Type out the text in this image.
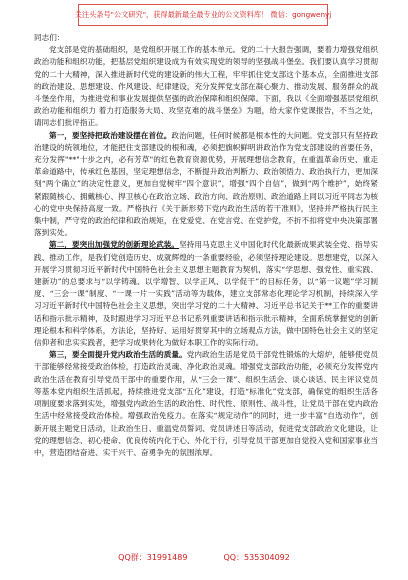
关注头条号"公文研究"，获得最新最全最专业的公文资料库！ 微信：gongwenyj

同志们：

党支部是党的基础组织，是党组织开展工作的基本单元。党的二十大报告强调，要着力增强党组织政治功能和组织功能，把基层党组织建设成为有效实现党的领导的坚强战斗堡垒。我们要认真学习贯彻党的二十大精神，深入推进新时代党的建设新的伟大工程，牢牢抓住党支部这个基本点，全面推进支部的政治建设、思想建设、作风建设、纪律建设，充分发挥党支部在凝心聚力、推动发展、服务群众的战斗堡垒作用，为推进党和事业发展提供坚强的政治保障和组织保障。下面，我以《全面增强基层党组织政治功能和组织力 着力打造服务大局、攻坚克难的战斗堡垒》为题，给大家作党课报告，不当之处，请同志们批评指正。

第一，要坚持把政治建设摆在首位。政治问题，任何时候都是根本性的大问题。党支部只有坚持政治建设的统领地位，才能把住支部建设的根和魂，必须把旗帜鲜明讲政治作为党支部建设的首要任务，充分发挥"**"十步之内，必有芳草"的红色教育资源优势，开展理想信念教育，在重温革命历史、重走革命道路中，传承红色基因，坚定理想信念，不断提升政治判断力、政治领悟力、政治执行力，更加深刻“两个确立”的决定性意义，更加自觉树牢“四个意识”，增强“四个自信”，做到“两个维护”，始终紧紧跟随核心、拥戴核心、捍卫核心在政治立场、政治方向、政治原则、政治道路上同以习近平同志为核心的党中央保持高度一致。严格执行《关于新形势下党内政治生活的若干准则》，坚持并严格执行民主集中制，严守党的政治纪律和政治规矩，在党爱党、在党言党、在党护党，不折不扣将党中央决策部署落到实处。

第二，要突出加强党的创新理论武装。坚持用马克思主义中国化时代化最新成果武装全党、指导实践、推动工作，是我们党创造历史、成就辉煌的一条重要经验，必须坚持理论建设。思想建党，以深入开展学习贯彻习近平新时代中国特色社会主义思想主题教育为契机，落实“学思想、强党性、重实践、建新功”的总要求与“以学铸魂、以学增智、以学正风、以学促干”的目标任务，以“第一议题”学习制度、“三会一课”制度、“一课一片一实践”活动等为载体，建立支部常态化理论学习机制，持续深入学习习近平新时代中国特色社会主义思想，突出学习党的二十大精神、习近平总书记关于**工作的重要讲话和指示批示精神，及时跟进学习习近平总书记系列重要讲话和指示批示精神，全面系统掌握党的创新理论根本和科学体系，方法论，坚持好、运用好贯穿其中的立场观点方法，做中国特色社会主义的坚定信仰者和忠实实践者，把学习成果转化为做好本职工作的实际行动。

第三，要全面提升党内政治生活的质量。党内政治生活是党员干部党性锻炼的大熔炉，能够使党员干部能够经常接受政治体检，打造政治灵魂、净化政治灵魂。增强党支部政治功能，必须充分发挥党内政治生活在教育引导党员干部中的重要作用，从“三会一课”、组织生活会、谈心谈话、民主评议党员等基本党内组织生活抓起，持续推进党支部“五化”建设，打造“标准化”党支部，确保党的组织生活各项制度要求落到实处，增强党内政治生活的政治性、时代性、原则性、战斗性，让党员干部在党内政治生活中经常接受政治体检。增强政治免疫力。在落实“规定动作”的同时，进一步丰富“自选动作”，创新开展主题党日活动，让政治生日、重温党员誓词、党员讲述日等活动，促进党支部政治文化建设，让党的理想信念、初心使命、优良传统内化于心、外化于行，引导党员干部更加自觉投入党和国家事业当中，营造团结奋进、实干兴干、奋勇争先的氛围浓厚。

QQ群：31991489	QQ：535304092
